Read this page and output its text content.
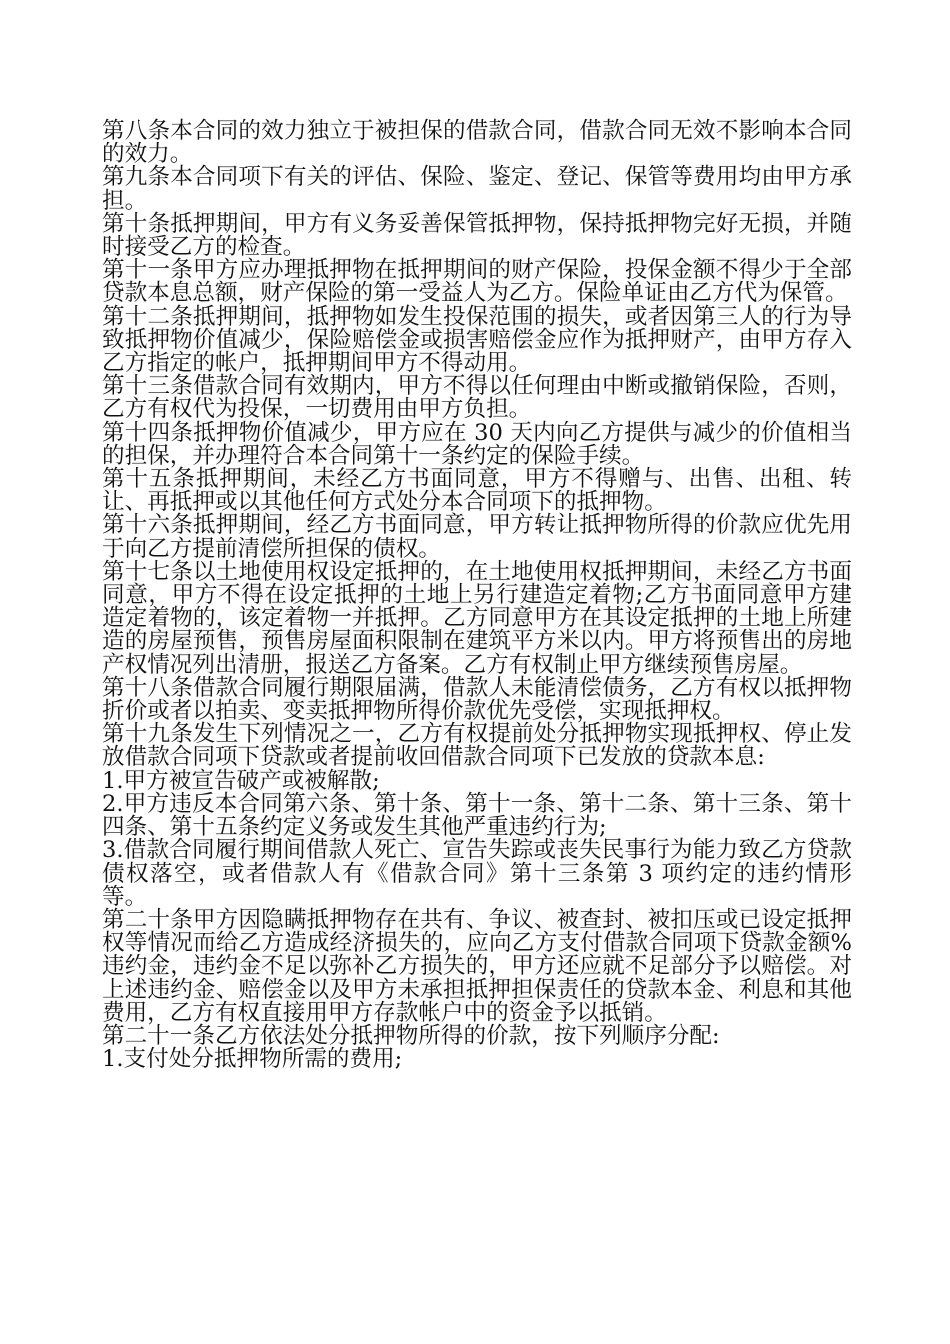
第八条本合同的效力独立于被担保的借款合同，借款合同无效不影响本合同的效力。

第九条本合同项下有关的评估、保险、鉴定、登记、保管等费用均由甲方承担。

第十条抵押期间，甲方有义务妥善保管抵押物，保持抵押物完好无损，并随时接受乙方的检查。

第十一条甲方应办理抵押物在抵押期间的财产保险，投保金额不得少于全部贷款本息总额，财产保险的第一受益人为乙方。保险单证由乙方代为保管。

第十二条抵押期间，抵押物如发生投保范围的损失，或者因第三人的行为导致抵押物价值减少，保险赔偿金或损害赔偿金应作为抵押财产，由甲方存入乙方指定的帐户，抵押期间甲方不得动用。

第十三条借款合同有效期内，甲方不得以任何理由中断或撤销保险，否则，乙方有权代为投保，一切费用由甲方负担。

第十四条抵押物价值减少，甲方应在 30 天内向乙方提供与减少的价值相当的担保，并办理符合本合同第十一条约定的保险手续。

第十五条抵押期间，未经乙方书面同意，甲方不得赠与、出售、出租、转让、再抵押或以其他任何方式处分本合同项下的抵押物。

第十六条抵押期间，经乙方书面同意，甲方转让抵押物所得的价款应优先用于向乙方提前清偿所担保的债权。

第十七条以土地使用权设定抵押的，在土地使用权抵押期间，未经乙方书面同意，甲方不得在设定抵押的土地上另行建造定着物;乙方书面同意甲方建造定着物的，该定着物一并抵押。乙方同意甲方在其设定抵押的土地上所建造的房屋预售，预售房屋面积限制在建筑平方米以内。甲方将预售出的房地产权情况列出清册，报送乙方备案。乙方有权制止甲方继续预售房屋。

第十八条借款合同履行期限届满，借款人未能清偿债务，乙方有权以抵押物折价或者以拍卖、变卖抵押物所得价款优先受偿，实现抵押权。

第十九条发生下列情况之一，乙方有权提前处分抵押物实现抵押权、停止发放借款合同项下贷款或者提前收回借款合同项下已发放的贷款本息:

1.甲方被宣告破产或被解散;

2.甲方违反本合同第六条、第十条、第十一条、第十二条、第十三条、第十四条、第十五条约定义务或发生其他严重违约行为;

3.借款合同履行期间借款人死亡、宣告失踪或丧失民事行为能力致乙方贷款债权落空，或者借款人有《借款合同》第十三条第 3 项约定的违约情形等。

第二十条甲方因隐瞒抵押物存在共有、争议、被查封、被扣压或已设定抵押权等情况而给乙方造成经济损失的，应向乙方支付借款合同项下贷款金额%违约金，违约金不足以弥补乙方损失的，甲方还应就不足部分予以赔偿。对上述违约金、赔偿金以及甲方未承担抵押担保责任的贷款本金、利息和其他费用，乙方有权直接用甲方存款帐户中的资金予以抵销。

第二十一条乙方依法处分抵押物所得的价款，按下列顺序分配:

1.支付处分抵押物所需的费用;
